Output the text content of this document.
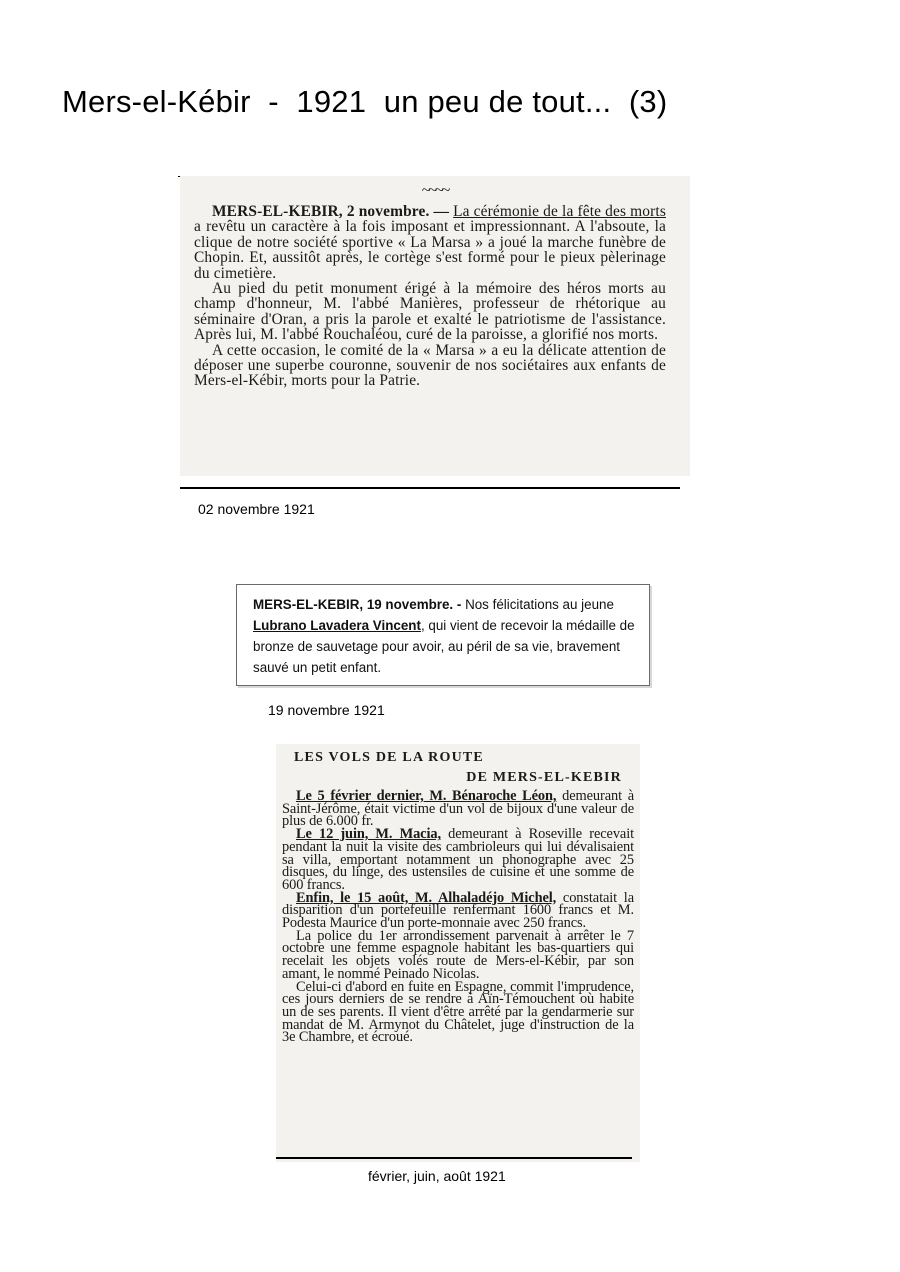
Mers-el-Kébir  -  1921  un peu de tout...  (3)
~~~~

MERS-EL-KEBIR, 2 novembre. — La cérémonie de la fête des morts a revêtu un caractère à la fois imposant et impressionnant. A l'absoute, la clique de notre société sportive « La Marsa » a joué la marche funèbre de Chopin. Et, aussitôt après, le cortège s'est formé pour le pieux pèlerinage du cimetière.

Au pied du petit monument érigé à la mémoire des héros morts au champ d'honneur, M. l'abbé Manières, professeur de rhétorique au séminaire d'Oran, a pris la parole et exalté le patriotisme de l'assistance. Après lui, M. l'abbé Rouchaléou, curé de la paroisse, a glorifié nos morts.

A cette occasion, le comité de la « Marsa » a eu la délicate attention de déposer une superbe couronne, souvenir de nos sociétaires aux enfants de Mers-el-Kébir, morts pour la Patrie.

02 novembre 1921
MERS-EL-KEBIR, 19 novembre. - Nos félicitations au jeune Lubrano Lavadera Vincent, qui vient de recevoir la médaille de bronze de sauvetage pour avoir, au péril de sa vie, bravement sauvé un petit enfant.
19 novembre 1921
LES VOLS DE LA ROUTE
DE MERS-EL-KEBIR

Le 5 février dernier, M. Bénaroche Léon, demeurant à Saint-Jérôme, était victime d'un vol de bijoux d'une valeur de plus de 6.000 fr.

Le 12 juin, M. Macia, demeurant à Roseville recevait pendant la nuit la visite des cambrioleurs qui lui dévalisaient sa villa, emportant notamment un phonographe avec 25 disques, du linge, des ustensiles de cuisine et une somme de 600 francs.

Enfin, le 15 août, M. Alhaladéjo Michel, constatait la disparition d'un portefeuille renfermant 1600 francs et M. Podesta Maurice d'un porte-monnaie avec 250 francs.

La police du 1er arrondissement parvenait à arrêter le 7 octobre une femme espagnole habitant les bas-quartiers qui recelait les objets volés route de Mers-el-Kébir, par son amant, le nommé Peinado Nicolas.

Celui-ci d'abord en fuite en Espagne, commit l'imprudence, ces jours derniers de se rendre à Aïn-Témouchent où habite un de ses parents. Il vient d'être arrêté par la gendarmerie sur mandat de M. Armynot du Châtelet, juge d'instruction de la 3e Chambre, et écroué.

février, juin, août 1921
